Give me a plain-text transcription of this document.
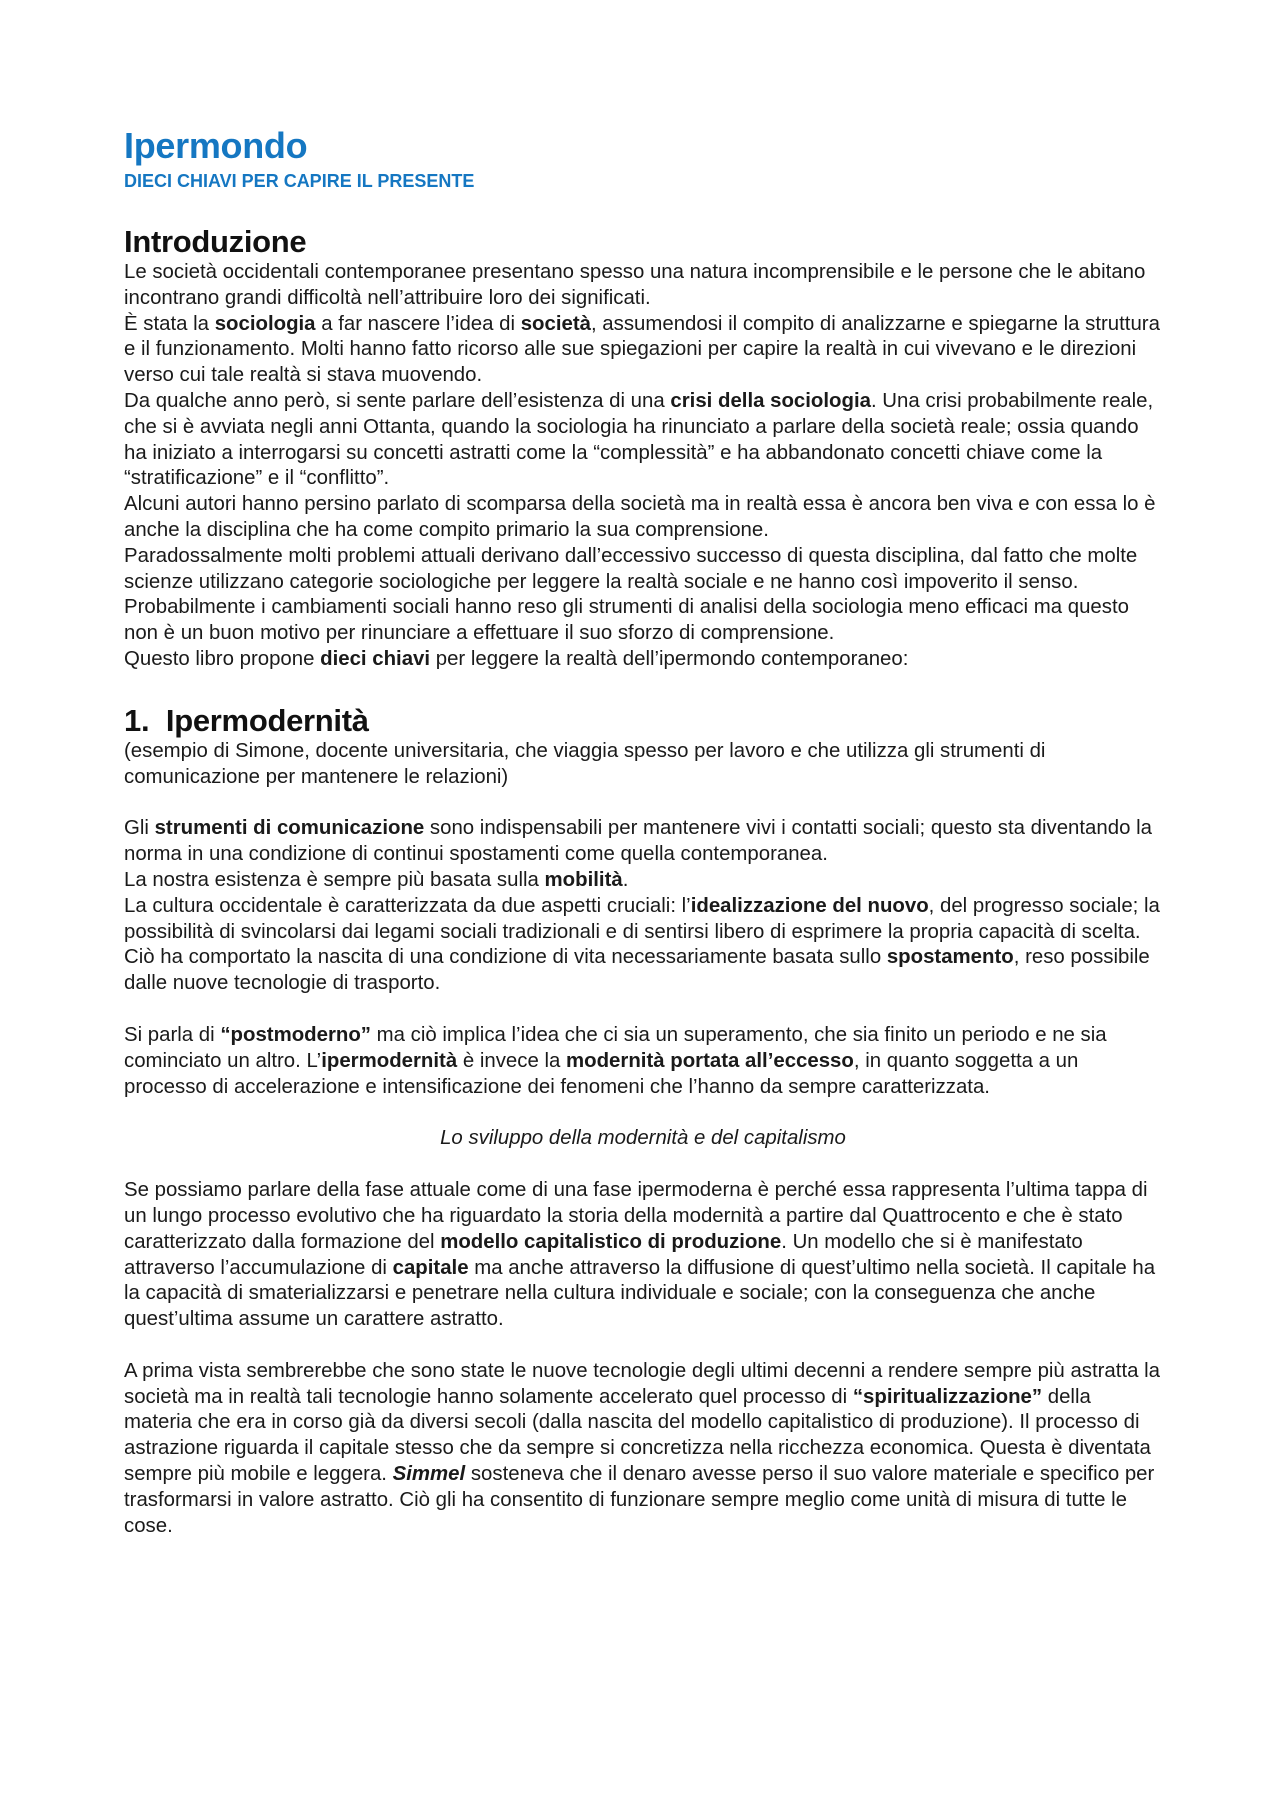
Ipermondo
DIECI CHIAVI PER CAPIRE IL PRESENTE
Introduzione

Le società occidentali contemporanee presentano spesso una natura incomprensibile e le persone che le abitano incontrano grandi difficoltà nell’attribuire loro dei significati.

È stata la sociologia a far nascere l’idea di società, assumendosi il compito di analizzarne e spiegarne la struttura e il funzionamento. Molti hanno fatto ricorso alle sue spiegazioni per capire la realtà in cui vivevano e le direzioni verso cui tale realtà si stava muovendo.

Da qualche anno però, si sente parlare dell’esistenza di una crisi della sociologia. Una crisi probabilmente reale, che si è avviata negli anni Ottanta, quando la sociologia ha rinunciato a parlare della società reale; ossia quando ha iniziato a interrogarsi su concetti astratti come la “complessità” e ha abbandonato concetti chiave come la “stratificazione” e il “conflitto”.

Alcuni autori hanno persino parlato di scomparsa della società ma in realtà essa è ancora ben viva e con essa lo è anche la disciplina che ha come compito primario la sua comprensione.

Paradossalmente molti problemi attuali derivano dall’eccessivo successo di questa disciplina, dal fatto che molte scienze utilizzano categorie sociologiche per leggere la realtà sociale e ne hanno così impoverito il senso.

Probabilmente i cambiamenti sociali hanno reso gli strumenti di analisi della sociologia meno efficaci ma questo non è un buon motivo per rinunciare a effettuare il suo sforzo di comprensione.

Questo libro propone dieci chiavi per leggere la realtà dell’ipermondo contemporaneo:

1. Ipermodernità

(esempio di Simone, docente universitaria, che viaggia spesso per lavoro e che utilizza gli strumenti di comunicazione per mantenere le relazioni)

Gli strumenti di comunicazione sono indispensabili per mantenere vivi i contatti sociali; questo sta diventando la norma in una condizione di continui spostamenti come quella contemporanea.

La nostra esistenza è sempre più basata sulla mobilità.

La cultura occidentale è caratterizzata da due aspetti cruciali: l’idealizzazione del nuovo, del progresso sociale; la possibilità di svincolarsi dai legami sociali tradizionali e di sentirsi libero di esprimere la propria capacità di scelta. Ciò ha comportato la nascita di una condizione di vita necessariamente basata sullo spostamento, reso possibile dalle nuove tecnologie di trasporto.

Si parla di “postmoderno” ma ciò implica l’idea che ci sia un superamento, che sia finito un periodo e ne sia cominciato un altro. L’ipermodernità è invece la modernità portata all’eccesso, in quanto soggetta a un processo di accelerazione e intensificazione dei fenomeni che l’hanno da sempre caratterizzata.

Lo sviluppo della modernità e del capitalismo

Se possiamo parlare della fase attuale come di una fase ipermoderna è perché essa rappresenta l’ultima tappa di un lungo processo evolutivo che ha riguardato la storia della modernità a partire dal Quattrocento e che è stato caratterizzato dalla formazione del modello capitalistico di produzione. Un modello che si è manifestato attraverso l’accumulazione di capitale ma anche attraverso la diffusione di quest’ultimo nella società. Il capitale ha la capacità di smaterializzarsi e penetrare nella cultura individuale e sociale; con la conseguenza che anche quest’ultima assume un carattere astratto.

A prima vista sembrerebbe che sono state le nuove tecnologie degli ultimi decenni a rendere sempre più astratta la società ma in realtà tali tecnologie hanno solamente accelerato quel processo di “spiritualizzazione” della materia che era in corso già da diversi secoli (dalla nascita del modello capitalistico di produzione). Il processo di astrazione riguarda il capitale stesso che da sempre si concretizza nella ricchezza economica. Questa è diventata sempre più mobile e leggera. Simmel sosteneva che il denaro avesse perso il suo valore materiale e specifico per trasformarsi in valore astratto. Ciò gli ha consentito di funzionare sempre meglio come unità di misura di tutte le cose.
